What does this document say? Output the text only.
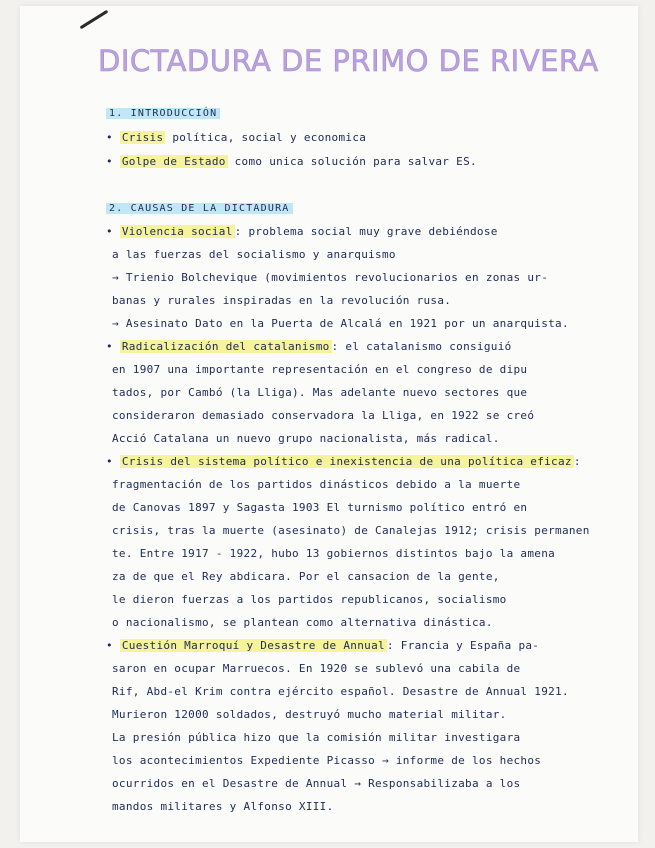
DICTADURA DE PRIMO DE RIVERA

1. INTRODUCCIÓN

• Crisis política, social y economica

• Golpe de Estado como unica solución para salvar ES.

2. CAUSAS DE LA DICTADURA

• Violencia social : problema social muy grave debiéndose

a las fuerzas del socialismo y anarquismo

→ Trienio Bolchevique (movimientos revolucionarios en zonas ur-

banas y rurales inspiradas en la revolución rusa.

→ Asesinato Dato en la Puerta de Alcalá en 1921 por un anarquista.

• Radicalización del catalanismo : el catalanismo consiguió

en 1907 una importante representación en el congreso de dipu

tados, por Cambó (la Lliga). Mas adelante nuevo sectores que

consideraron demasiado conservadora la Lliga, en 1922 se creó

Acció Catalana un nuevo grupo nacionalista, más radical.

• Crisis del sistema político e inexistencia de una política eficaz :

fragmentación de los partidos dinásticos debido a la muerte

de Canovas 1897 y Sagasta 1903 El turnismo político entró en

crisis, tras la muerte (asesinato) de Canalejas 1912; crisis permanen

te. Entre 1917 - 1922, hubo 13 gobiernos distintos bajo la amena

za de que el Rey abdicara. Por el cansacion de la gente,

le dieron fuerzas a los partidos republicanos, socialismo

o nacionalismo, se plantean como alternativa dinástica.

• Cuestión Marroquí y Desastre de Annual : Francia y España pa-

saron en ocupar Marruecos. En 1920 se sublevó una cabila de

Rif, Abd-el Krim contra ejército español. Desastre de Annual 1921.

Murieron 12000 soldados, destruyó mucho material militar.

La presión pública hizo que la comisión militar investigara

los acontecimientos Expediente Picasso → informe de los hechos

ocurridos en el Desastre de Annual → Responsabilizaba a los

mandos militares y Alfonso XIII.
